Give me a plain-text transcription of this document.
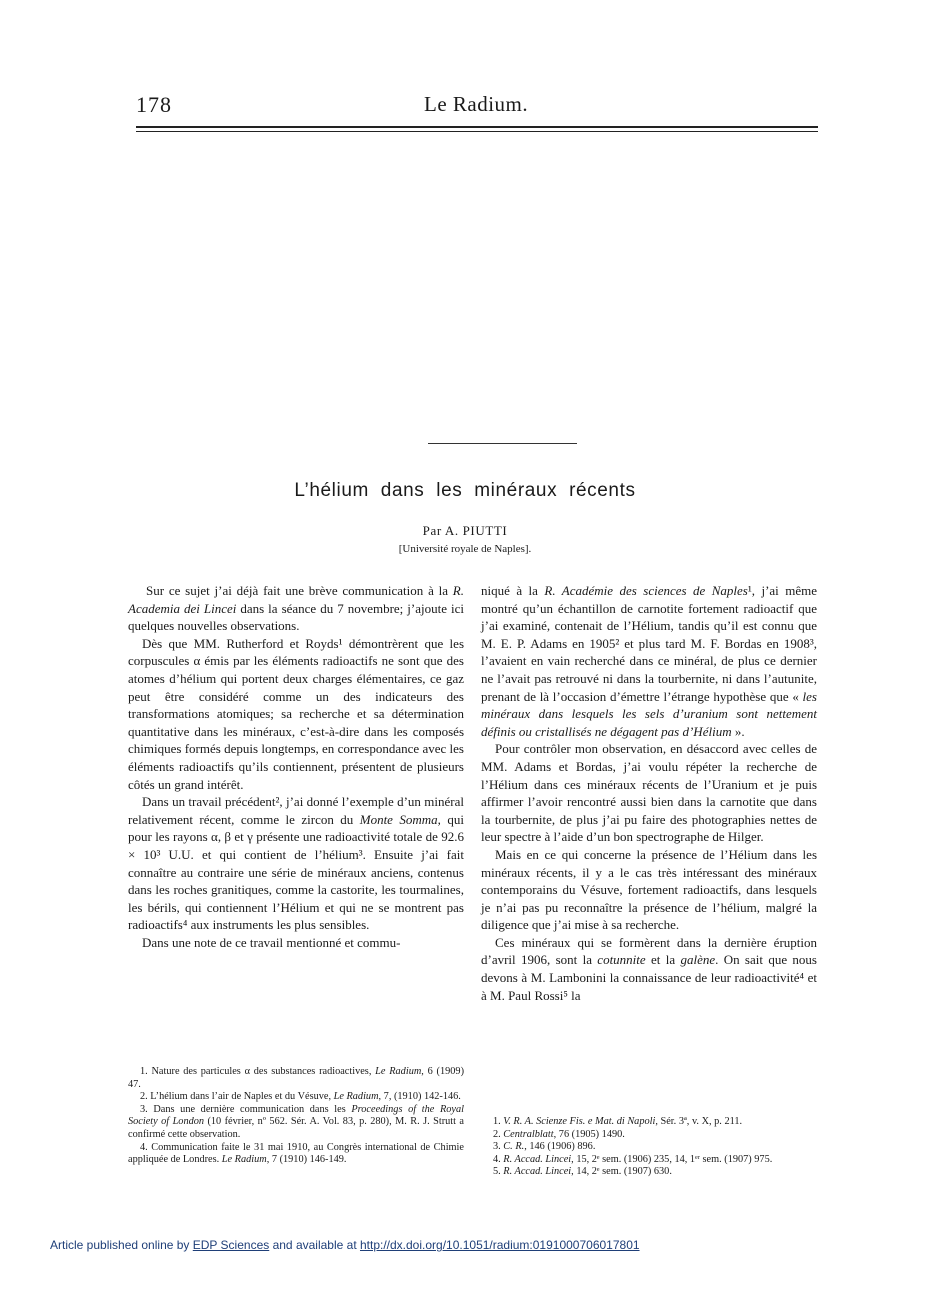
178	Le Radium.
L’hélium dans les minéraux récents
Par A. PIUTTI
[Université royale de Naples].

Sur ce sujet j’ai déjà fait une brève communication à la R. Academia dei Lincei dans la séance du 7 novembre; j’ajoute ici quelques nouvelles observations.

Dès que MM. Rutherford et Royds¹ démontrèrent que les corpuscules α émis par les éléments radioactifs ne sont que des atomes d’hélium qui portent deux charges élémentaires, ce gaz peut être considéré comme un des indicateurs des transformations atomiques; sa recherche et sa détermination quantitative dans les minéraux, c’est-à-dire dans les composés chimiques formés depuis longtemps, en correspondance avec les éléments radioactifs qu’ils contiennent, présentent de plusieurs côtés un grand intérêt.

Dans un travail précédent², j’ai donné l’exemple d’un minéral relativement récent, comme le zircon du Monte Somma, qui pour les rayons α, β et γ présente une radioactivité totale de 92.6 × 10³ U.U. et qui contient de l’hélium³. Ensuite j’ai fait connaître au contraire une série de minéraux anciens, contenus dans les roches granitiques, comme la castorite, les tourmalines, les bérils, qui contiennent l’Hélium et qui ne se montrent pas radioactifs⁴ aux instruments les plus sensibles.

Dans une note de ce travail mentionné et commu-

niqué à la R. Académie des sciences de Naples¹, j’ai même montré qu’un échantillon de carnotite fortement radioactif que j’ai examiné, contenait de l’Hélium, tandis qu’il est connu que M. E. P. Adams en 1905² et plus tard M. F. Bordas en 1908³, l’avaient en vain recherché dans ce minéral, de plus ce dernier ne l’avait pas retrouvé ni dans la tourbernite, ni dans l’autunite, prenant de là l’occasion d’émettre l’étrange hypothèse que « les minéraux dans lesquels les sels d’uranium sont nettement définis ou cristallisés ne dégagent pas d’Hélium ».

Pour contrôler mon observation, en désaccord avec celles de MM. Adams et Bordas, j’ai voulu répéter la recherche de l’Hélium dans ces minéraux récents de l’Uranium et je puis affirmer l’avoir rencontré aussi bien dans la carnotite que dans la tourbernite, de plus j’ai pu faire des photographies nettes de leur spectre à l’aide d’un bon spectrographe de Hilger.

Mais en ce qui concerne la présence de l’Hélium dans les minéraux récents, il y a le cas très intéressant des minéraux contemporains du Vésuve, fortement radioactifs, dans lesquels je n’ai pas pu reconnaître la présence de l’hélium, malgré la diligence que j’ai mise à sa recherche.

Ces minéraux qui se formèrent dans la dernière éruption d’avril 1906, sont la cotunnite et la galène. On sait que nous devons à M. Lambonini la connaissance de leur radioactivité⁴ et à M. Paul Rossi⁵ la

1. Nature des particules α des substances radioactives, Le Radium, 6 (1909) 47.

2. L’hélium dans l’air de Naples et du Vésuve, Le Radium, 7, (1910) 142-146.

3. Dans une dernière communication dans les Proceedings of the Royal Society of London (10 février, nº 562. Sér. A. Vol. 83, p. 280), M. R. J. Strutt a confirmé cette observation.

4. Communication faite le 31 mai 1910, au Congrès international de Chimie appliquée de Londres. Le Radium, 7 (1910) 146-149.

1. V. R. A. Scienze Fis. e Mat. di Napoli, Sér. 3ª, v. X, p. 211.

2. Centralblatt, 76 (1905) 1490.

3. C. R., 146 (1906) 896.

4. R. Accad. Lincei, 15, 2ᵉ sem. (1906) 235, 14, 1ᵉʳ sem. (1907) 975.

5. R. Accad. Lincei, 14, 2ᵉ sem. (1907) 630.

Article published online by EDP Sciences and available at http://dx.doi.org/10.1051/radium:0191000706017801
